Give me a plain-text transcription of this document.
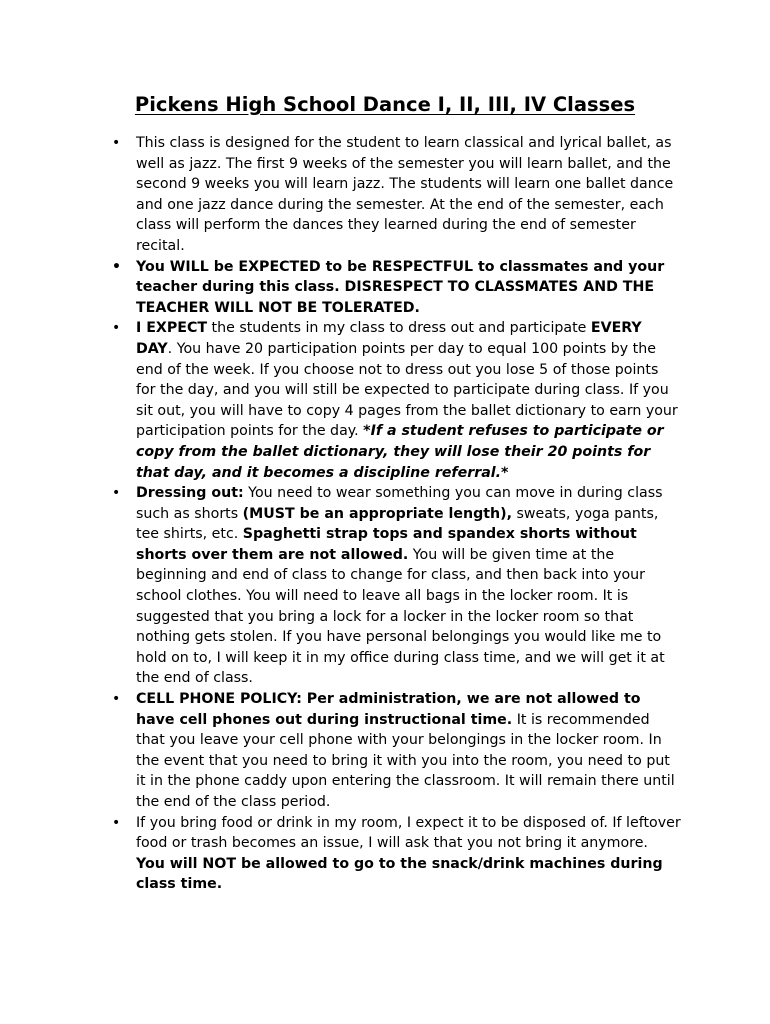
Pickens High School Dance I, II, III, IV Classes
• This class is designed for the student to learn classical and lyrical ballet, as well as jazz. The first 9 weeks of the semester you will learn ballet, and the second 9 weeks you will learn jazz. The students will learn one ballet dance and one jazz dance during the semester. At the end of the semester, each class will perform the dances they learned during the end of semester recital.
• You WILL be EXPECTED to be RESPECTFUL to classmates and your teacher during this class. DISRESPECT TO CLASSMATES AND THE TEACHER WILL NOT BE TOLERATED.
• I EXPECT the students in my class to dress out and participate EVERY DAY. You have 20 participation points per day to equal 100 points by the end of the week. If you choose not to dress out you lose 5 of those points for the day, and you will still be expected to participate during class. If you sit out, you will have to copy 4 pages from the ballet dictionary to earn your participation points for the day. *If a student refuses to participate or copy from the ballet dictionary, they will lose their 20 points for that day, and it becomes a discipline referral.*
• Dressing out: You need to wear something you can move in during class such as shorts (MUST be an appropriate length), sweats, yoga pants, tee shirts, etc. Spaghetti strap tops and spandex shorts without shorts over them are not allowed. You will be given time at the beginning and end of class to change for class, and then back into your school clothes. You will need to leave all bags in the locker room. It is suggested that you bring a lock for a locker in the locker room so that nothing gets stolen. If you have personal belongings you would like me to hold on to, I will keep it in my office during class time, and we will get it at the end of class.
• CELL PHONE POLICY: Per administration, we are not allowed to have cell phones out during instructional time. It is recommended that you leave your cell phone with your belongings in the locker room. In the event that you need to bring it with you into the room, you need to put it in the phone caddy upon entering the classroom. It will remain there until the end of the class period.
• If you bring food or drink in my room, I expect it to be disposed of. If leftover food or trash becomes an issue, I will ask that you not bring it anymore. You will NOT be allowed to go to the snack/drink machines during class time.
